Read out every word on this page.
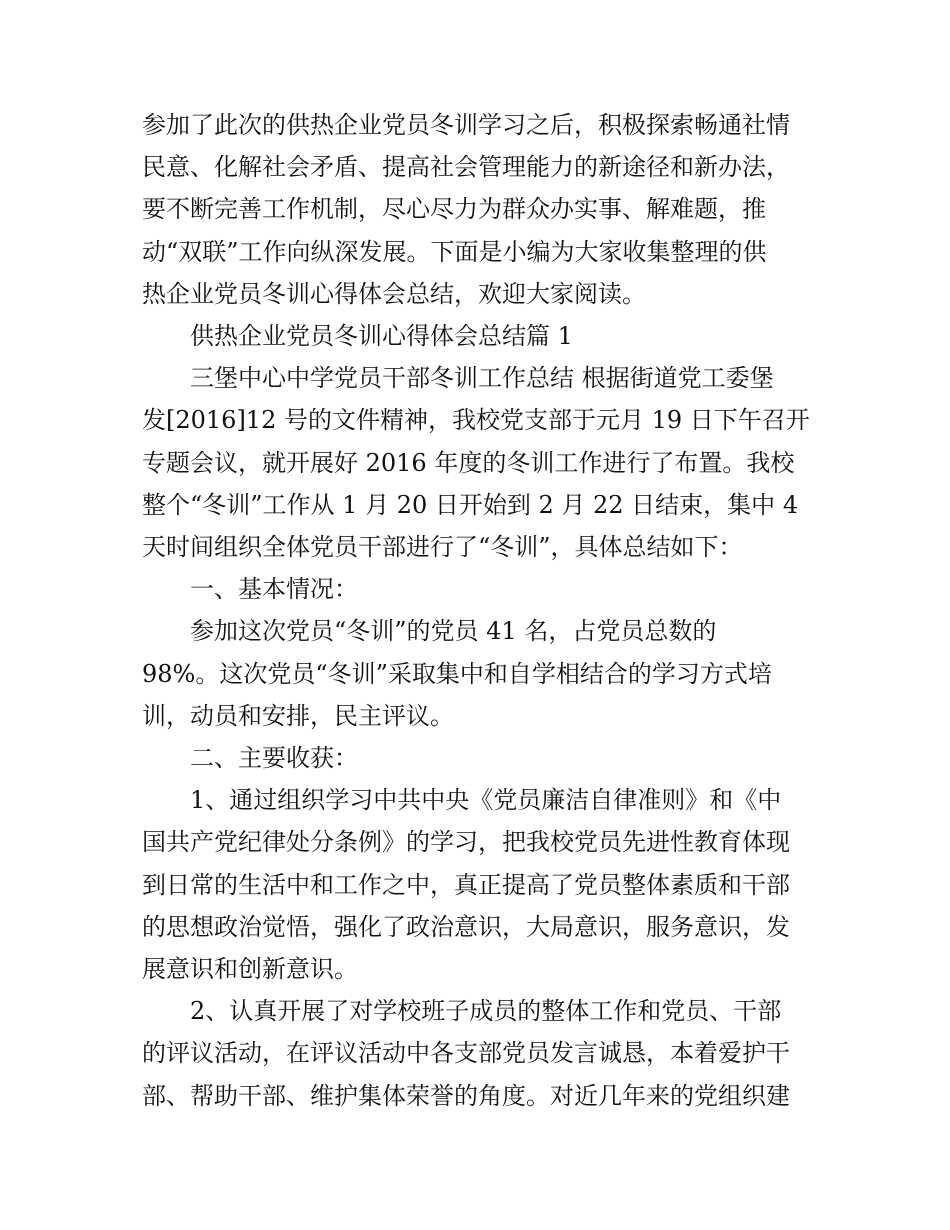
参加了此次的供热企业党员冬训学习之后，积极探索畅通社情
民意、化解社会矛盾、提高社会管理能力的新途径和新办法，
要不断完善工作机制，尽心尽力为群众办实事、解难题，推
动“双联”工作向纵深发展。下面是小编为大家收集整理的供
热企业党员冬训心得体会总结，欢迎大家阅读。
供热企业党员冬训心得体会总结篇 1
三堡中心中学党员干部冬训工作总结 根据街道党工委堡
发[2016]12 号的文件精神，我校党支部于元月 19 日下午召开
专题会议，就开展好 2016 年度的冬训工作进行了布置。我校
整个“冬训”工作从 1 月 20 日开始到 2 月 22 日结束，集中 4
天时间组织全体党员干部进行了“冬训”，具体总结如下：
一、基本情况：
参加这次党员“冬训”的党员 41 名，占党员总数的
98%。这次党员“冬训”采取集中和自学相结合的学习方式培
训，动员和安排，民主评议。
二、主要收获：
1、通过组织学习中共中央《党员廉洁自律准则》和《中
国共产党纪律处分条例》的学习，把我校党员先进性教育体现
到日常的生活中和工作之中，真正提高了党员整体素质和干部
的思想政治觉悟，强化了政治意识，大局意识，服务意识，发
展意识和创新意识。
2、认真开展了对学校班子成员的整体工作和党员、干部
的评议活动，在评议活动中各支部党员发言诚恳，本着爱护干
部、帮助干部、维护集体荣誉的角度。对近几年来的党组织建
